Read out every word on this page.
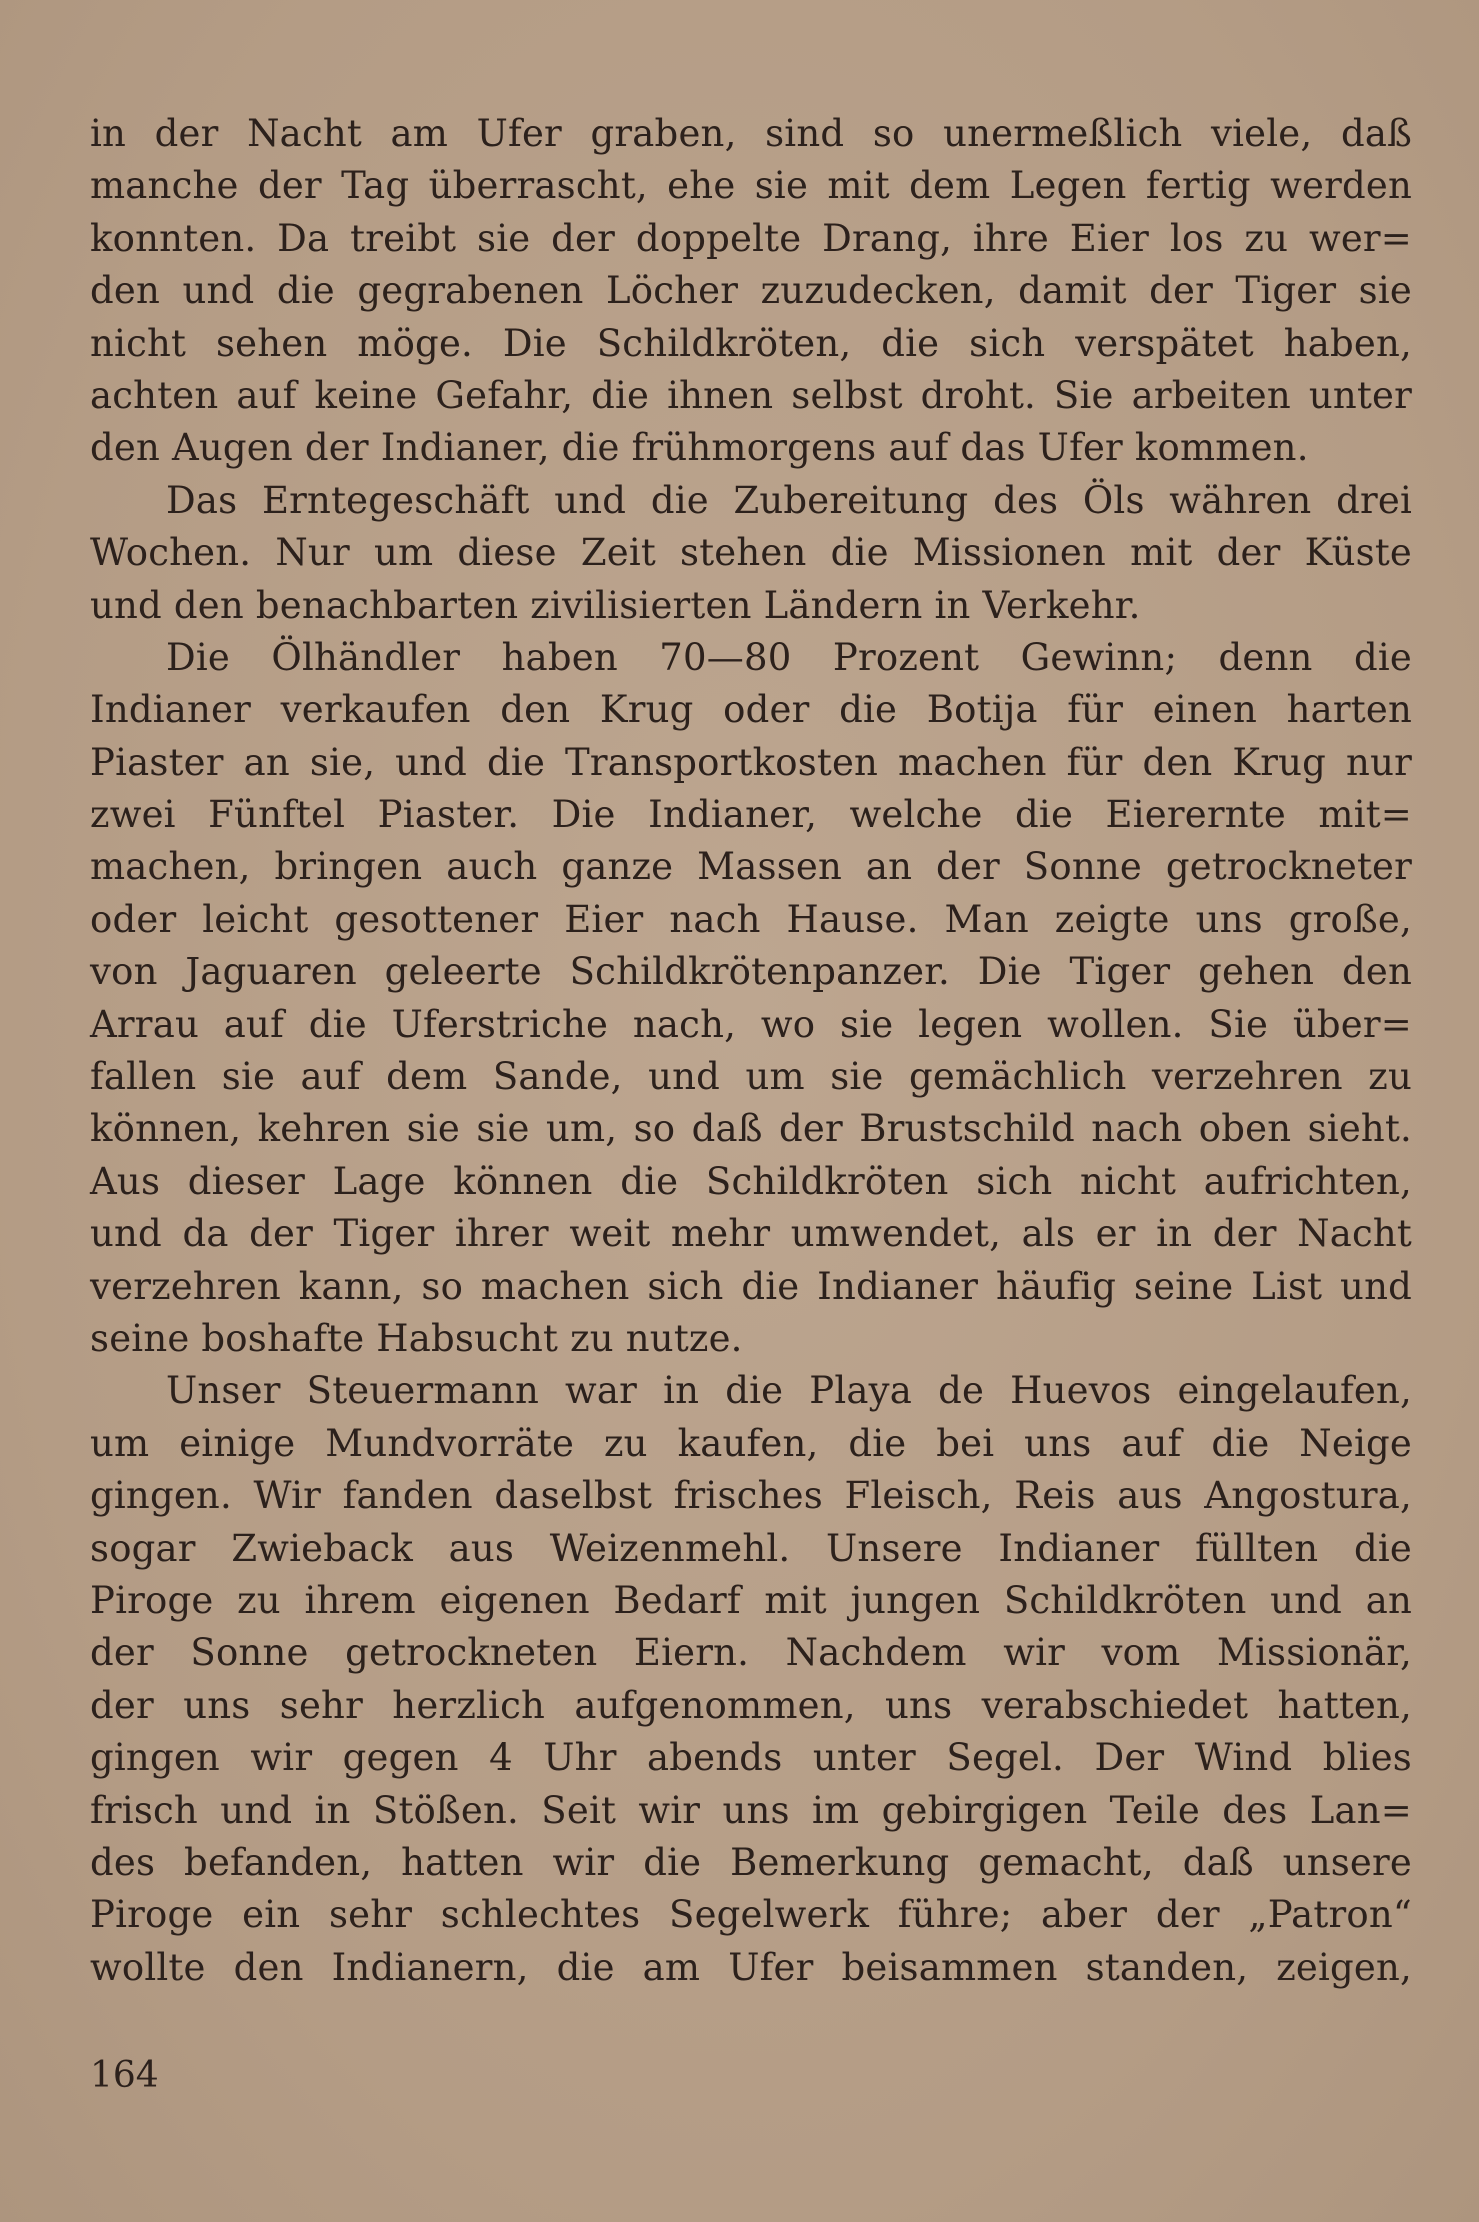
in der Nacht am Ufer graben, sind so unermeßlich viele, daß
manche der Tag überrascht, ehe sie mit dem Legen fertig werden
konnten. Da treibt sie der doppelte Drang, ihre Eier los zu wer=
den und die gegrabenen Löcher zuzudecken, damit der Tiger sie
nicht sehen möge. Die Schildkröten, die sich verspätet haben,
achten auf keine Gefahr, die ihnen selbst droht. Sie arbeiten unter
den Augen der Indianer, die frühmorgens auf das Ufer kommen.
Das Erntegeschäft und die Zubereitung des Öls währen drei
Wochen. Nur um diese Zeit stehen die Missionen mit der Küste
und den benachbarten zivilisierten Ländern in Verkehr.
Die Ölhändler haben 70—80 Prozent Gewinn; denn die
Indianer verkaufen den Krug oder die Botija für einen harten
Piaster an sie, und die Transportkosten machen für den Krug nur
zwei Fünftel Piaster. Die Indianer, welche die Eierernte mit=
machen, bringen auch ganze Massen an der Sonne getrockneter
oder leicht gesottener Eier nach Hause. Man zeigte uns große,
von Jaguaren geleerte Schildkrötenpanzer. Die Tiger gehen den
Arrau auf die Uferstriche nach, wo sie legen wollen. Sie über=
fallen sie auf dem Sande, und um sie gemächlich verzehren zu
können, kehren sie sie um, so daß der Brustschild nach oben sieht.
Aus dieser Lage können die Schildkröten sich nicht aufrichten,
und da der Tiger ihrer weit mehr umwendet, als er in der Nacht
verzehren kann, so machen sich die Indianer häufig seine List und
seine boshafte Habsucht zu nutze.
Unser Steuermann war in die Playa de Huevos eingelaufen,
um einige Mundvorräte zu kaufen, die bei uns auf die Neige
gingen. Wir fanden daselbst frisches Fleisch, Reis aus Angostura,
sogar Zwieback aus Weizenmehl. Unsere Indianer füllten die
Piroge zu ihrem eigenen Bedarf mit jungen Schildkröten und an
der Sonne getrockneten Eiern. Nachdem wir vom Missionär,
der uns sehr herzlich aufgenommen, uns verabschiedet hatten,
gingen wir gegen 4 Uhr abends unter Segel. Der Wind blies
frisch und in Stößen. Seit wir uns im gebirgigen Teile des Lan=
des befanden, hatten wir die Bemerkung gemacht, daß unsere
Piroge ein sehr schlechtes Segelwerk führe; aber der „Patron“
wollte den Indianern, die am Ufer beisammen standen, zeigen,
164
